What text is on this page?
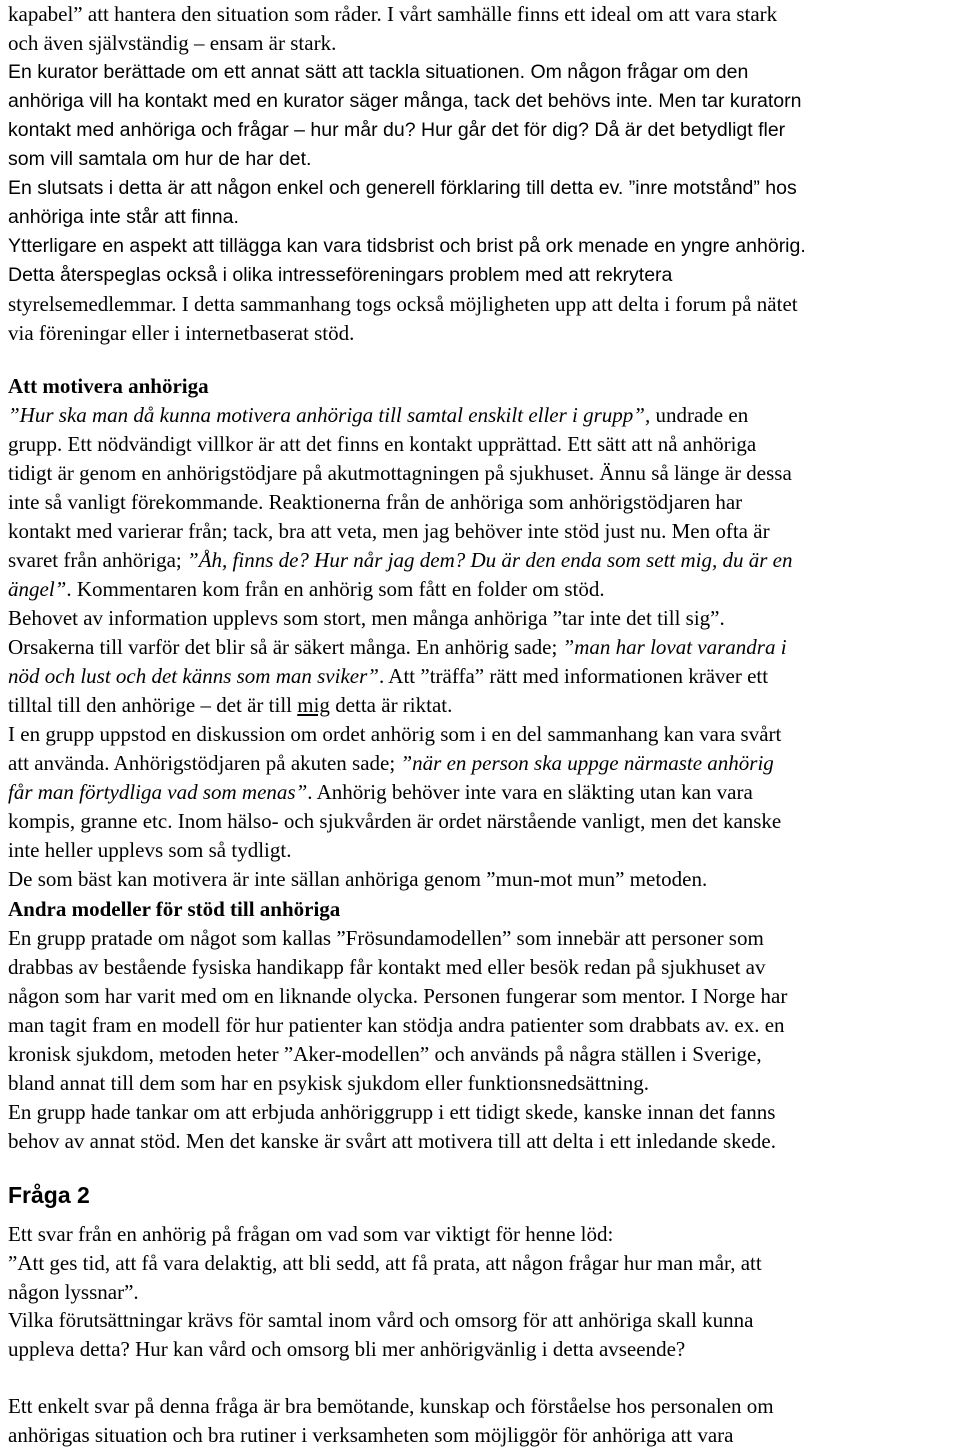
kapabel” att hantera den situation som råder. I vårt samhälle finns ett ideal om att vara stark
och även självständig – ensam är stark.
En kurator berättade om ett annat sätt att tackla situationen. Om någon frågar om den
anhöriga vill ha kontakt med en kurator säger många, tack det behövs inte. Men tar kuratorn
kontakt med anhöriga och frågar – hur mår du? Hur går det för dig? Då är det betydligt fler
som vill samtala om hur de har det.
En slutsats i detta är att någon enkel och generell förklaring till detta ev. ”inre motstånd” hos
anhöriga inte står att finna.
Ytterligare en aspekt att tillägga kan vara tidsbrist och brist på ork menade en yngre anhörig.
Detta återspeglas också i olika intresseföreningars problem med att rekrytera
styrelsemedlemmar. I detta sammanhang togs också möjligheten upp att delta i forum på nätet
via föreningar eller i internetbaserat stöd.
Att motivera anhöriga
”Hur ska man då kunna motivera anhöriga till samtal enskilt eller i grupp”, undrade en
grupp. Ett nödvändigt villkor är att det finns en kontakt upprättad. Ett sätt att nå anhöriga
tidigt är genom en anhörigstödjare på akutmottagningen på sjukhuset. Ännu så länge är dessa
inte så vanligt förekommande. Reaktionerna från de anhöriga som anhörigstödjaren har
kontakt med varierar från; tack, bra att veta, men jag behöver inte stöd just nu. Men ofta är
svaret från anhöriga; ”Åh, finns de? Hur når jag dem? Du är den enda som sett mig, du är en
ängel”. Kommentaren kom från en anhörig som fått en folder om stöd.
Behovet av information upplevs som stort, men många anhöriga ”tar inte det till sig”.
Orsakerna till varför det blir så är säkert många. En anhörig sade; ”man har lovat varandra i
nöd och lust och det känns som man sviker”. Att ”träffa” rätt med informationen kräver ett
tilltal till den anhörige – det är till mig detta är riktat.
I en grupp uppstod en diskussion om ordet anhörig som i en del sammanhang kan vara svårt
att använda. Anhörigstödjaren på akuten sade; ”när en person ska uppge närmaste anhörig
får man förtydliga vad som menas”. Anhörig behöver inte vara en släkting utan kan vara
kompis, granne etc. Inom hälso- och sjukvården är ordet närstående vanligt, men det kanske
inte heller upplevs som så tydligt.
De som bäst kan motivera är inte sällan anhöriga genom ”mun-mot mun” metoden.
Andra modeller för stöd till anhöriga
En grupp pratade om något som kallas ”Frösundamodellen” som innebär att personer som
drabbas av bestående fysiska handikapp får kontakt med eller besök redan på sjukhuset av
någon som har varit med om en liknande olycka. Personen fungerar som mentor. I Norge har
man tagit fram en modell för hur patienter kan stödja andra patienter som drabbats av. ex. en
kronisk sjukdom, metoden heter ”Aker-modellen” och används på några ställen i Sverige,
bland annat till dem som har en psykisk sjukdom eller funktionsnedsättning.
En grupp hade tankar om att erbjuda anhöriggrupp i ett tidigt skede, kanske innan det fanns
behov av annat stöd. Men det kanske är svårt att motivera till att delta i ett inledande skede.
Fråga 2
Ett svar från en anhörig på frågan om vad som var viktigt för henne löd:
”Att ges tid, att få vara delaktig, att bli sedd, att få prata, att någon frågar hur man mår, att
någon lyssnar”.
Vilka förutsättningar krävs för samtal inom vård och omsorg för att anhöriga skall kunna
uppleva detta? Hur kan vård och omsorg bli mer anhörigvänlig i detta avseende?
Ett enkelt svar på denna fråga är bra bemötande, kunskap och förståelse hos personalen om
anhörigas situation och bra rutiner i verksamheten som möjliggör för anhöriga att vara
